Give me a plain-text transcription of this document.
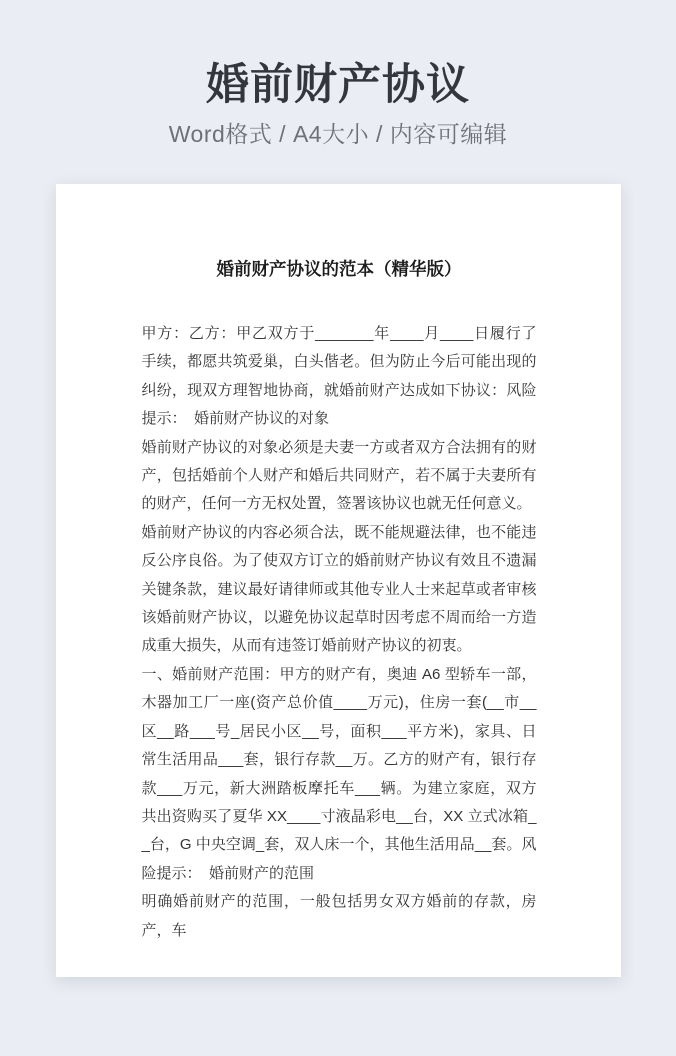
婚前财产协议
Word格式 / A4大小 / 内容可编辑
婚前财产协议的范本（精华版）

甲方：乙方：甲乙双方于_______年____月____日履行了手续，都愿共筑爱巢，白头偕老。但为防止今后可能出现的纠纷，现双方理智地协商，就婚前财产达成如下协议：风险提示：　婚前财产协议的对象

婚前财产协议的对象必须是夫妻一方或者双方合法拥有的财产，包括婚前个人财产和婚后共同财产，若不属于夫妻所有的财产，任何一方无权处置，签署该协议也就无任何意义。

婚前财产协议的内容必须合法，既不能规避法律，也不能违反公序良俗。为了使双方订立的婚前财产协议有效且不遗漏关键条款，建议最好请律师或其他专业人士来起草或者审核该婚前财产协议，以避免协议起草时因考虑不周而给一方造成重大损失，从而有违签订婚前财产协议的初衷。

一、婚前财产范围：甲方的财产有，奥迪 A6 型轿车一部，木器加工厂一座(资产总价值____万元)，住房一套(__市__区__路___号_居民小区__号，面积___平方米)，家具、日常生活用品___套，银行存款__万。乙方的财产有，银行存款___万元，新大洲踏板摩托车___辆。为建立家庭，双方共出资购买了夏华 XX____寸液晶彩电__台，XX 立式冰箱__台，G 中央空调_套，双人床一个，其他生活用品__套。风险提示：　婚前财产的范围

明确婚前财产的范围，一般包括男女双方婚前的存款，房产，车
